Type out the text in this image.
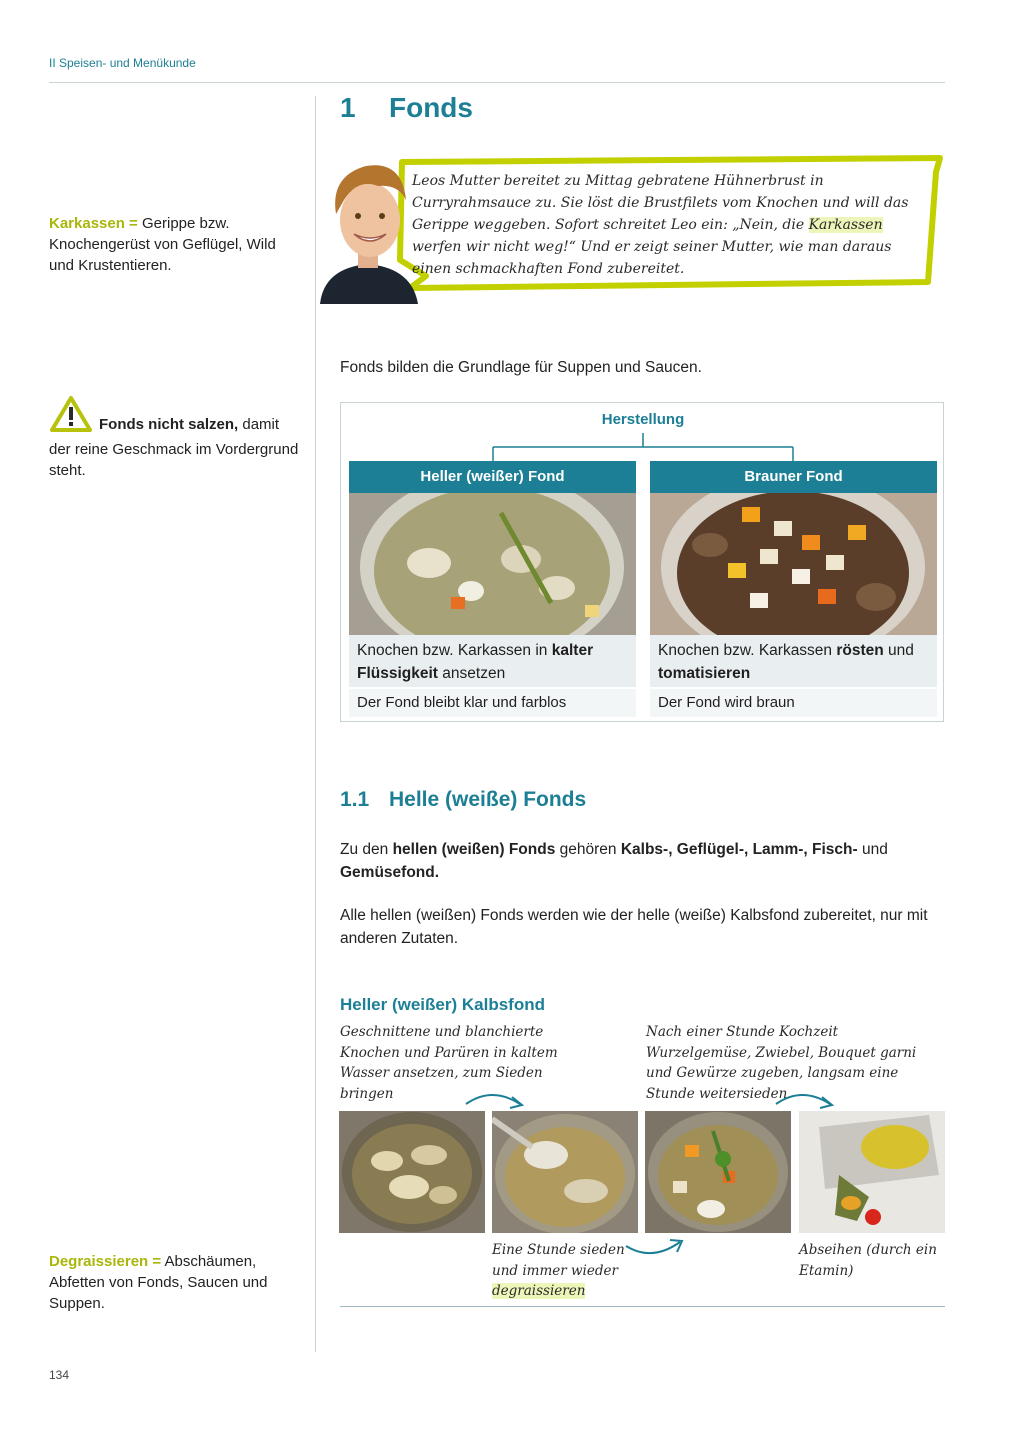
II Speisen- und Menükunde
Karkassen = Gerippe bzw. Knochengerüst von Geflügel, Wild und Krustentieren.
Fonds nicht salzen, damit der reine Geschmack im Vordergrund steht.
Degraissieren = Abschäumen, Abfetten von Fonds, Saucen und Suppen.
1 Fonds
Leos Mutter bereitet zu Mittag gebratene Hühnerbrust in Curryrahmsauce zu. Sie löst die Brustfilets vom Knochen und will das Gerippe weggeben. Sofort schreitet Leo ein: „Nein, die Karkassen werfen wir nicht weg!“ Und er zeigt seiner Mutter, wie man daraus einen schmackhaften Fond zubereitet.
Fonds bilden die Grundlage für Suppen und Saucen.
Herstellung
Heller (weißer) Fond
Knochen bzw. Karkassen in kalter Flüssigkeit ansetzen
Der Fond bleibt klar und farblos
Brauner Fond
Knochen bzw. Karkassen rösten und tomatisieren
Der Fond wird braun
1.1 Helle (weiße) Fonds
Zu den hellen (weißen) Fonds gehören Kalbs-, Geflügel-, Lamm-, Fisch- und Gemüsefond.
Alle hellen (weißen) Fonds werden wie der helle (weiße) Kalbsfond zubereitet, nur mit anderen Zutaten.
Heller (weißer) Kalbsfond
Geschnittene und blanchierte Knochen und Parüren in kaltem Wasser ansetzen, zum Sieden bringen
Nach einer Stunde Kochzeit Wurzelgemüse, Zwiebel, Bouquet garni und Gewürze zugeben, langsam eine Stunde weitersieden
Eine Stunde sieden und immer wieder degraissieren
Abseihen (durch ein Etamin)
134
